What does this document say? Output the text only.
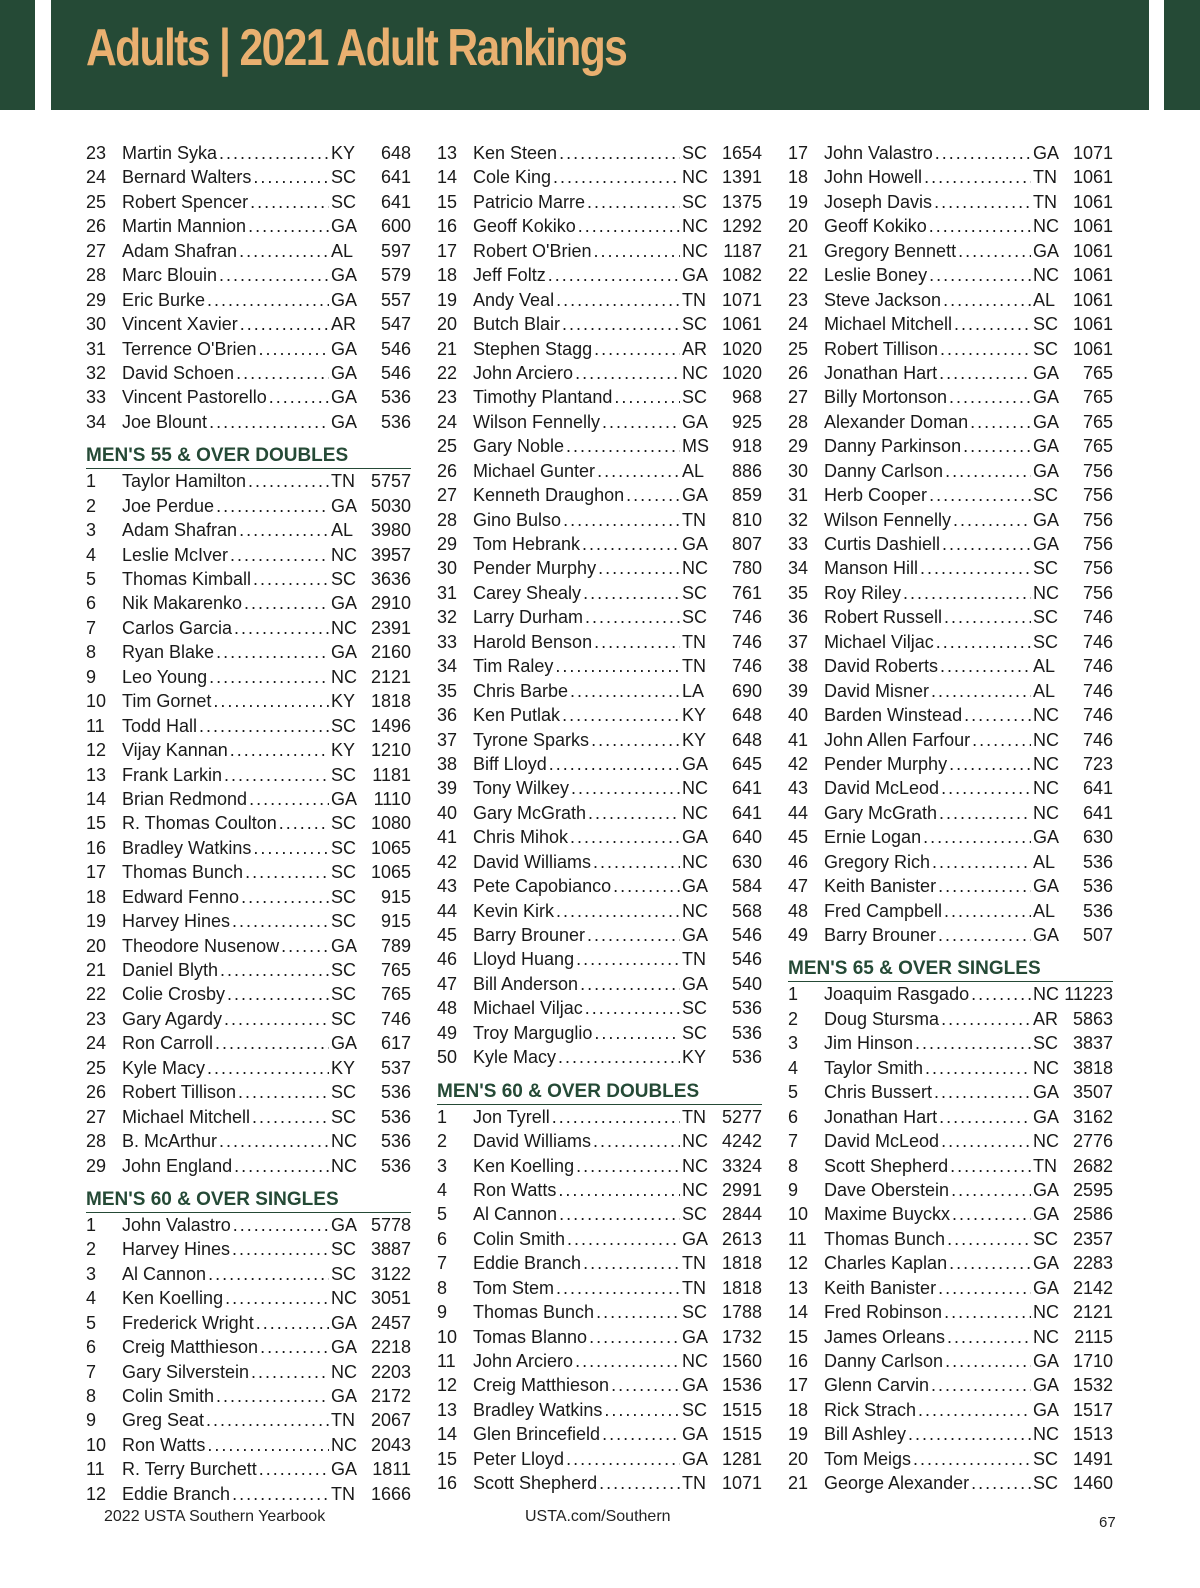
Adults | 2021 Adult Rankings
23 Martin Syka .....	KY	648
24 Bernard Walters .....	SC	641
25 Robert Spencer .....	SC	641
26 Martin Mannion .....	GA	600
27 Adam Shafran .....	AL	597
28 Marc Blouin .....	GA	579
29 Eric Burke .....	GA	557
30 Vincent Xavier .....	AR	547
31 Terrence O'Brien .....	GA	546
32 David Schoen .....	GA	546
33 Vincent Pastorello .....	GA	536
34 Joe Blount .....	GA	536
MEN'S 55 & OVER DOUBLES
1	Taylor Hamilton .....	TN 5757
2	Joe Perdue .....	GA 5030
3	Adam Shafran .....	AL 3980
4	Leslie McIver .....	NC 3957
5	Thomas Kimball .....	SC 3636
6	Nik Makarenko .....	GA 2910
7	Carlos Garcia .....	NC 2391
8	Ryan Blake .....	GA 2160
9	Leo Young .....	NC 2121
10 Tim Gornet .....	KY 1818
11 Todd Hall .....	SC 1496
12 Vijay Kannan .....	KY 1210
13 Frank Larkin .....	SC 1181
14 Brian Redmond .....	GA 1110
15 R. Thomas Coulton .....	SC 1080
16 Bradley Watkins .....	SC 1065
17 Thomas Bunch .....	SC 1065
18 Edward Fenno .....	SC	915
19 Harvey Hines .....	SC	915
20 Theodore Nusenow .....	GA	789
21 Daniel Blyth .....	SC	765
22 Colie Crosby .....	SC	765
23 Gary Agardy .....	SC	746
24 Ron Carroll .....	GA	617
25 Kyle Macy .....	KY	537
26 Robert Tillison .....	SC	536
27 Michael Mitchell .....	SC	536
28 B. McArthur .....	NC	536
29 John England .....	NC	536
MEN'S 60 & OVER SINGLES
1	John Valastro .....	GA 5778
2	Harvey Hines .....	SC 3887
3	Al Cannon .....	SC 3122
4	Ken Koelling .....	NC 3051
5	Frederick Wright .....	GA 2457
6	Creig Matthieson .....	GA 2218
7	Gary Silverstein .....	NC 2203
8	Colin Smith .....	GA 2172
9	Greg Seat .....	TN 2067
10 Ron Watts .....	NC 2043
11 R. Terry Burchett .....	GA 1811
12 Eddie Branch .....	TN 1666
13 Ken Steen .....	SC 1654
14 Cole King .....	NC 1391
15 Patricio Marre .....	SC 1375
16 Geoff Kokiko .....	NC 1292
17 Robert O'Brien .....	NC 1187
18 Jeff Foltz .....	GA 1082
19 Andy Veal .....	TN 1071
20 Butch Blair .....	SC 1061
21 Stephen Stagg .....	AR 1020
22 John Arciero .....	NC 1020
23 Timothy Plantand .....	SC	968
24 Wilson Fennelly .....	GA	925
25 Gary Noble .....	MS	918
26 Michael Gunter .....	AL	886
27 Kenneth Draughon .....	GA	859
28 Gino Bulso .....	TN	810
29 Tom Hebrank .....	GA	807
30 Pender Murphy .....	NC	780
31 Carey Shealy .....	SC	761
32 Larry Durham .....	SC	746
33 Harold Benson .....	TN	746
34 Tim Raley .....	TN	746
35 Chris Barbe .....	LA	690
36 Ken Putlak .....	KY	648
37 Tyrone Sparks .....	KY	648
38 Biff Lloyd .....	GA	645
39 Tony Wilkey .....	NC	641
40 Gary McGrath .....	NC	641
41 Chris Mihok .....	GA	640
42 David Williams .....	NC	630
43 Pete Capobianco .....	GA	584
44 Kevin Kirk .....	NC	568
45 Barry Brouner .....	GA	546
46 Lloyd Huang .....	TN	546
47 Bill Anderson .....	GA	540
48 Michael Viljac .....	SC	536
49 Troy Marguglio .....	SC	536
50 Kyle Macy .....	KY	536
MEN'S 60 & OVER DOUBLES
1	Jon Tyrell .....	TN 5277
2	David Williams .....	NC 4242
3	Ken Koelling .....	NC 3324
4	Ron Watts .....	NC 2991
5	Al Cannon .....	SC 2844
6	Colin Smith .....	GA 2613
7	Eddie Branch .....	TN 1818
8	Tom Stem .....	TN 1818
9	Thomas Bunch .....	SC 1788
10 Tomas Blanno .....	GA 1732
11 John Arciero .....	NC 1560
12 Creig Matthieson .....	GA 1536
13 Bradley Watkins .....	SC 1515
14 Glen Brincefield .....	GA 1515
15 Peter Lloyd .....	GA 1281
16 Scott Shepherd .....	TN 1071
17 John Valastro .....	GA 1071
18 John Howell .....	TN 1061
19 Joseph Davis .....	TN 1061
20 Geoff Kokiko .....	NC 1061
21 Gregory Bennett .....	GA 1061
22 Leslie Boney .....	NC 1061
23 Steve Jackson .....	AL 1061
24 Michael Mitchell .....	SC 1061
25 Robert Tillison .....	SC 1061
26 Jonathan Hart .....	GA	765
27 Billy Mortonson .....	GA	765
28 Alexander Doman .....	GA	765
29 Danny Parkinson .....	GA	765
30 Danny Carlson .....	GA	756
31 Herb Cooper .....	SC	756
32 Wilson Fennelly .....	GA	756
33 Curtis Dashiell .....	GA	756
34 Manson Hill .....	SC	756
35 Roy Riley .....	NC	756
36 Robert Russell .....	SC	746
37 Michael Viljac .....	SC	746
38 David Roberts .....	AL	746
39 David Misner .....	AL	746
40 Barden Winstead .....	NC	746
41 John Allen Farfour .....	NC	746
42 Pender Murphy .....	NC	723
43 David McLeod .....	NC	641
44 Gary McGrath .....	NC	641
45 Ernie Logan .....	GA	630
46 Gregory Rich .....	AL	536
47 Keith Banister .....	GA	536
48 Fred Campbell .....	AL	536
49 Barry Brouner .....	GA	507
MEN'S 65 & OVER SINGLES
1	Joaquim Rasgado .....	NC 11223
2	Doug Stursma .....	AR 5863
3	Jim Hinson .....	SC 3837
4	Taylor Smith .....	NC 3818
5	Chris Bussert .....	GA 3507
6	Jonathan Hart .....	GA 3162
7	David McLeod .....	NC 2776
8	Scott Shepherd .....	TN 2682
9	Dave Oberstein .....	GA 2595
10 Maxime Buyckx .....	GA 2586
11 Thomas Bunch .....	SC 2357
12 Charles Kaplan .....	GA 2283
13 Keith Banister .....	GA 2142
14 Fred Robinson .....	NC 2121
15 James Orleans .....	NC 2115
16 Danny Carlson .....	GA 1710
17 Glenn Carvin .....	GA 1532
18 Rick Strach .....	GA 1517
19 Bill Ashley .....	NC 1513
20 Tom Meigs .....	SC 1491
21 George Alexander .....	SC 1460
2022 USTA Southern Yearbook	USTA.com/Southern	67
